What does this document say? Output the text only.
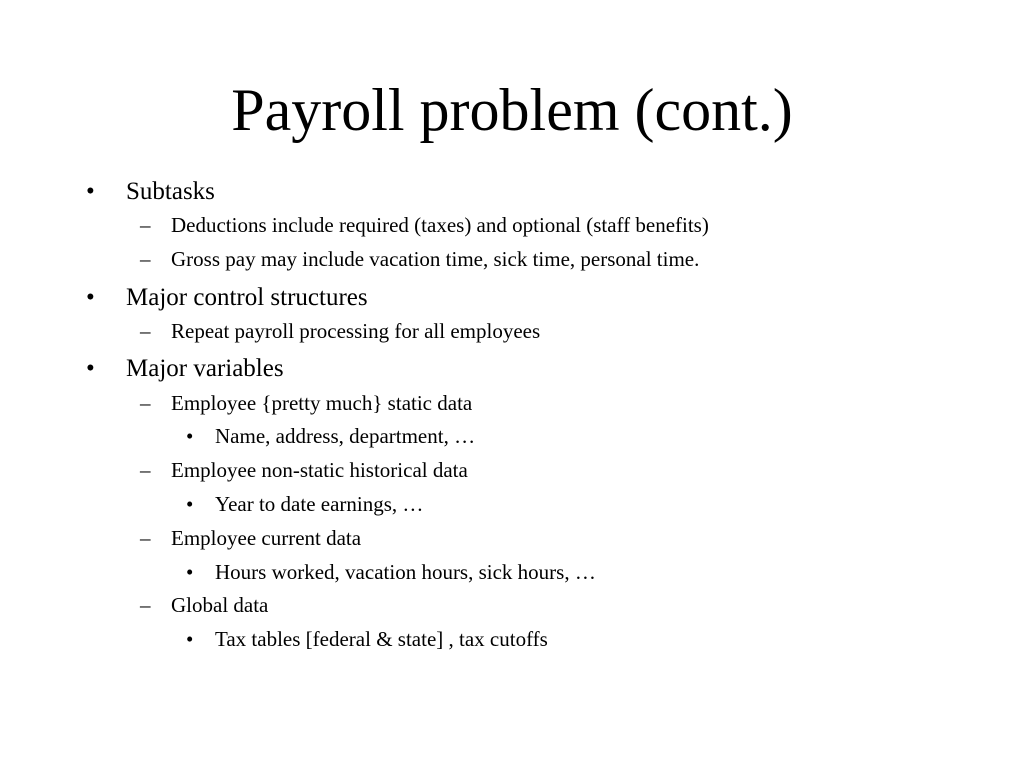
Payroll problem (cont.)
• Subtasks
– Deductions include required (taxes) and optional (staff benefits)
– Gross pay may include vacation time, sick time, personal time.
• Major control structures
– Repeat payroll processing for all employees
• Major variables
– Employee {pretty much} static data
• Name, address, department, …
– Employee non-static historical data
• Year to date earnings, …
– Employee current data
• Hours worked, vacation hours, sick hours, …
– Global data
• Tax tables [federal & state] , tax cutoffs
